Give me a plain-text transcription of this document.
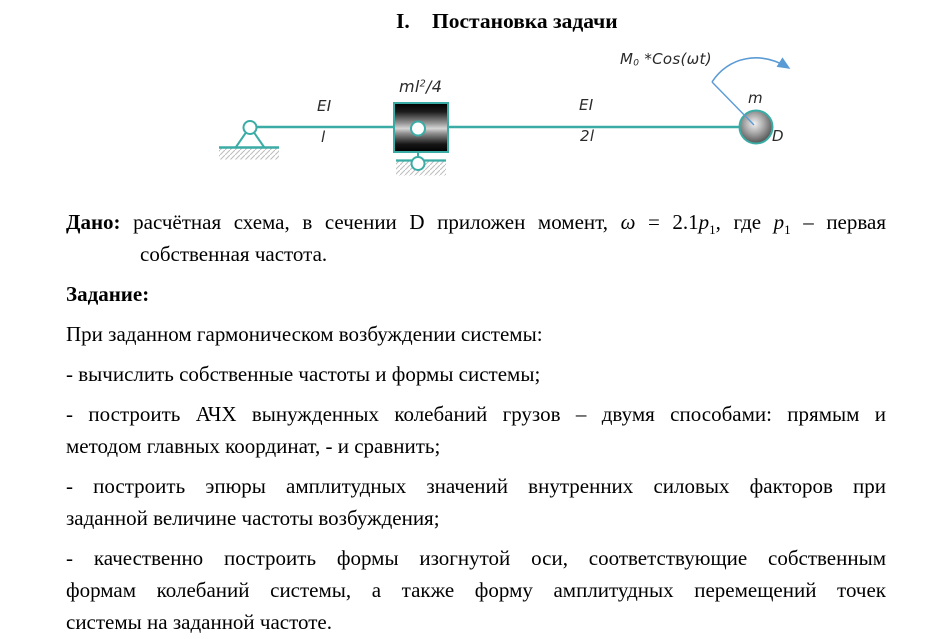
I. Постановка задачи
$ml^2/4$
EI
l
EI
2l
M0 *Cos(ωt)
m
D
Дано: расчётная схема, в сечении D приложен момент, $\omega = 2.1p_1$, где $p_1$ – первая
собственная частота.
Задание:
При заданном гармоническом возбуждении системы:
- вычислить собственные частоты и формы системы;
- построить АЧХ вынужденных колебаний грузов – двумя способами: прямым и
методом главных координат, - и сравнить;
- построить эпюры амплитудных значений внутренних силовых факторов при
заданной величине частоты возбуждения;
- качественно построить формы изогнутой оси, соответствующие собственным
формам колебаний системы, а также форму амплитудных перемещений точек
системы на заданной частоте.
